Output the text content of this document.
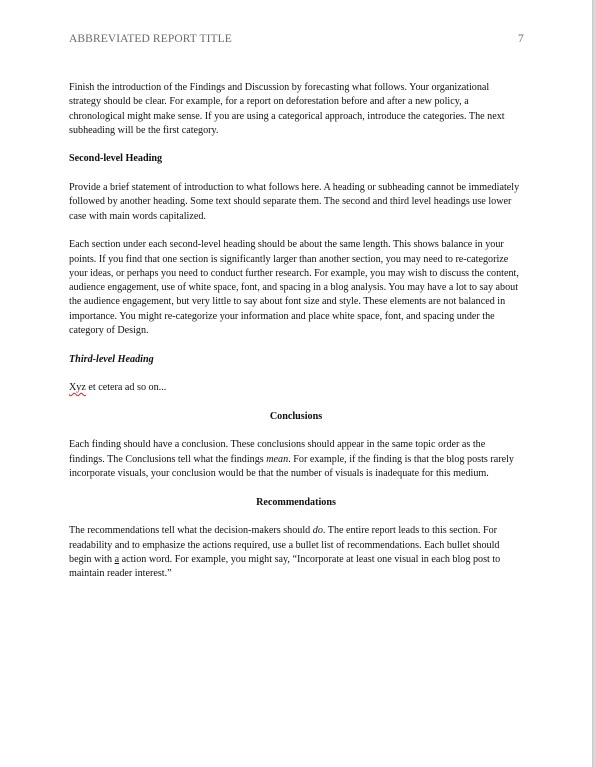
ABBREVIATED REPORT TITLE	7

Finish the introduction of the Findings and Discussion by forecasting what follows. Your organizational strategy should be clear. For example, for a report on deforestation before and after a new policy, a chronological might make sense. If you are using a categorical approach, introduce the categories. The next subheading will be the first category.

Second-level Heading

Provide a brief statement of introduction to what follows here. A heading or subheading cannot be immediately followed by another heading. Some text should separate them. The second and third level headings use lower case with main words capitalized.

Each section under each second-level heading should be about the same length. This shows balance in your points. If you find that one section is significantly larger than another section, you may need to re-categorize your ideas, or perhaps you need to conduct further research. For example, you may wish to discuss the content, audience engagement, use of white space, font, and spacing in a blog analysis. You may have a lot to say about the audience engagement, but very little to say about font size and style. These elements are not balanced in importance. You might re-categorize your information and place white space, font, and spacing under the category of Design.

Third-level Heading

Xyz et cetera ad so on...

Conclusions

Each finding should have a conclusion. These conclusions should appear in the same topic order as the findings. The Conclusions tell what the findings mean. For example, if the finding is that the blog posts rarely incorporate visuals, your conclusion would be that the number of visuals is inadequate for this medium.

Recommendations

The recommendations tell what the decision-makers should do. The entire report leads to this section. For readability and to emphasize the actions required, use a bullet list of recommendations. Each bullet should begin with a action word. For example, you might say, “Incorporate at least one visual in each blog post to maintain reader interest.”
